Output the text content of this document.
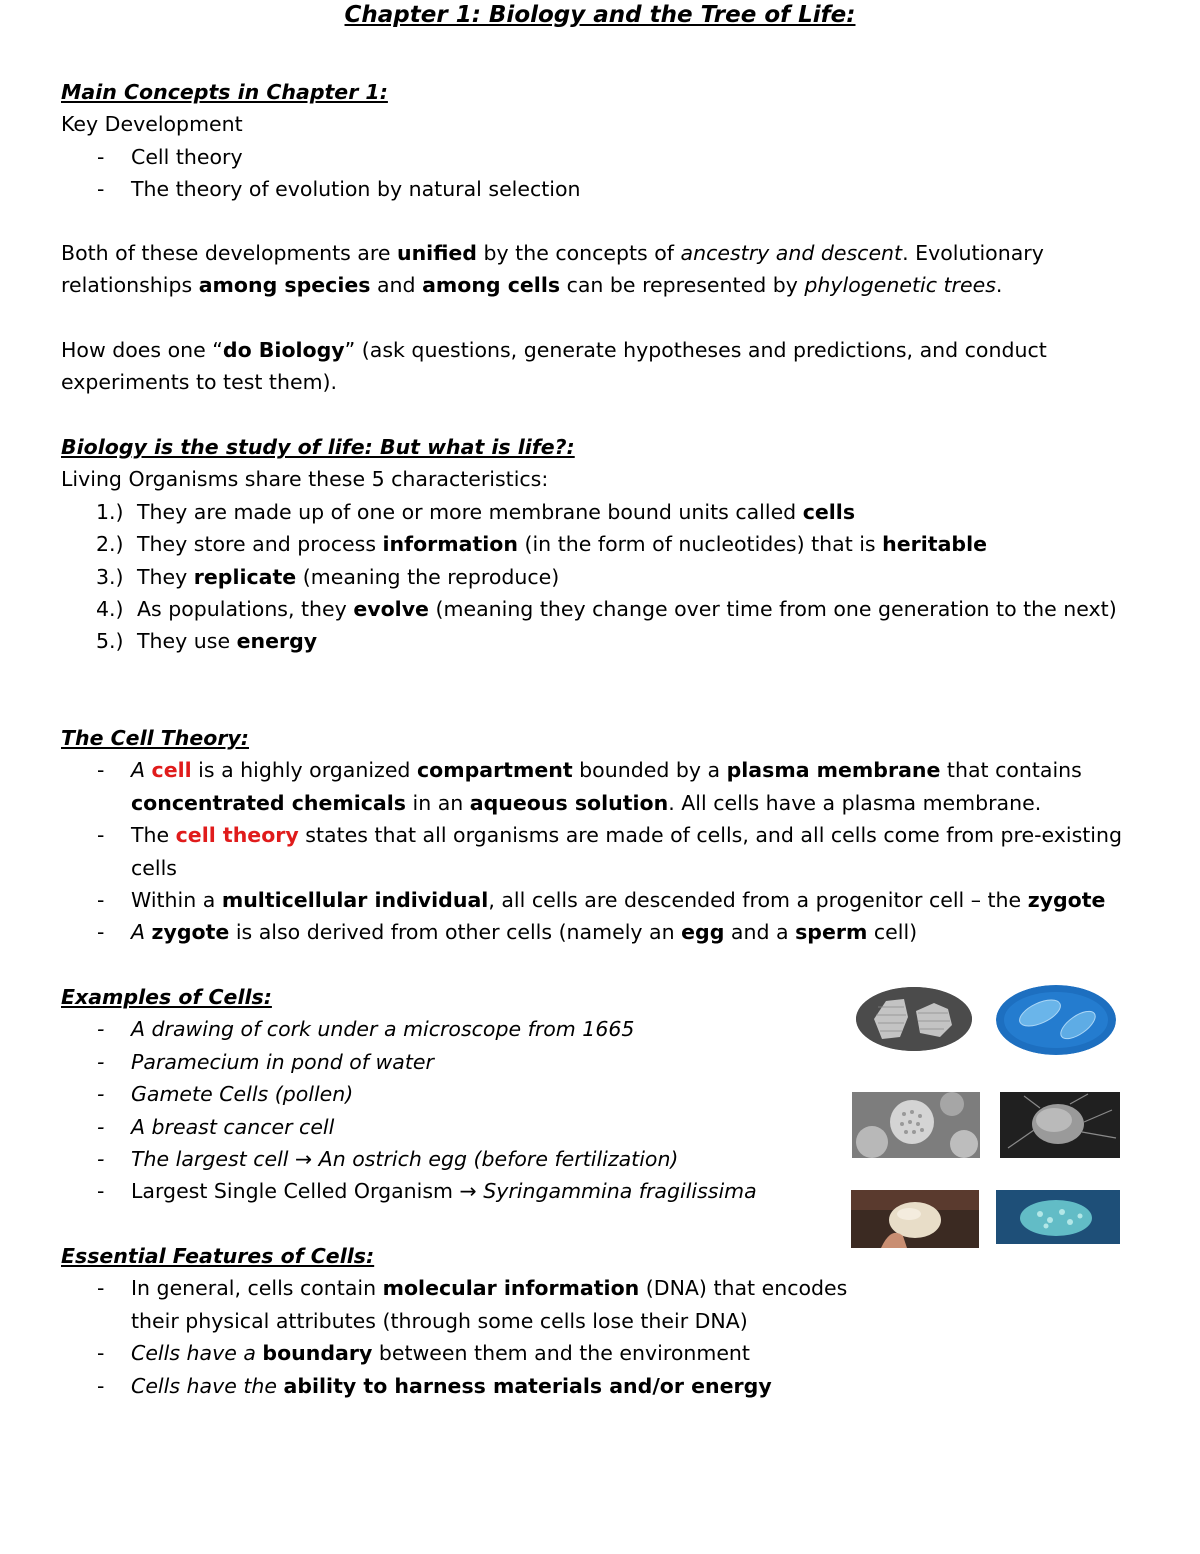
Chapter 1: Biology and the Tree of Life:
Main Concepts in Chapter 1:
Key Development
- Cell theory
- The theory of evolution by natural selection

Both of these developments are unified by the concepts of ancestry and descent. Evolutionary relationships among species and among cells can be represented by phylogenetic trees.

How does one “do Biology” (ask questions, generate hypotheses and predictions, and conduct experiments to test them).

Biology is the study of life: But what is life?:
Living Organisms share these 5 characteristics:
1.) They are made up of one or more membrane bound units called cells
2.) They store and process information (in the form of nucleotides) that is heritable
3.) They replicate (meaning the reproduce)
4.) As populations, they evolve (meaning they change over time from one generation to the next)
5.) They use energy
The Cell Theory:
- A cell is a highly organized compartment bounded by a plasma membrane that contains concentrated chemicals in an aqueous solution. All cells have a plasma membrane.
- The cell theory states that all organisms are made of cells, and all cells come from pre-existing cells
- Within a multicellular individual, all cells are descended from a progenitor cell – the zygote
- A zygote is also derived from other cells (namely an egg and a sperm cell)
Examples of Cells:
- A drawing of cork under a microscope from 1665
- Paramecium in pond of water
- Gamete Cells (pollen)
- A breast cancer cell
- The largest cell → An ostrich egg (before fertilization)
- Largest Single Celled Organism → Syringammina fragilissima
Essential Features of Cells:
- In general, cells contain molecular information (DNA) that encodes their physical attributes (through some cells lose their DNA)
- Cells have a boundary between them and the environment
- Cells have the ability to harness materials and/or energy
